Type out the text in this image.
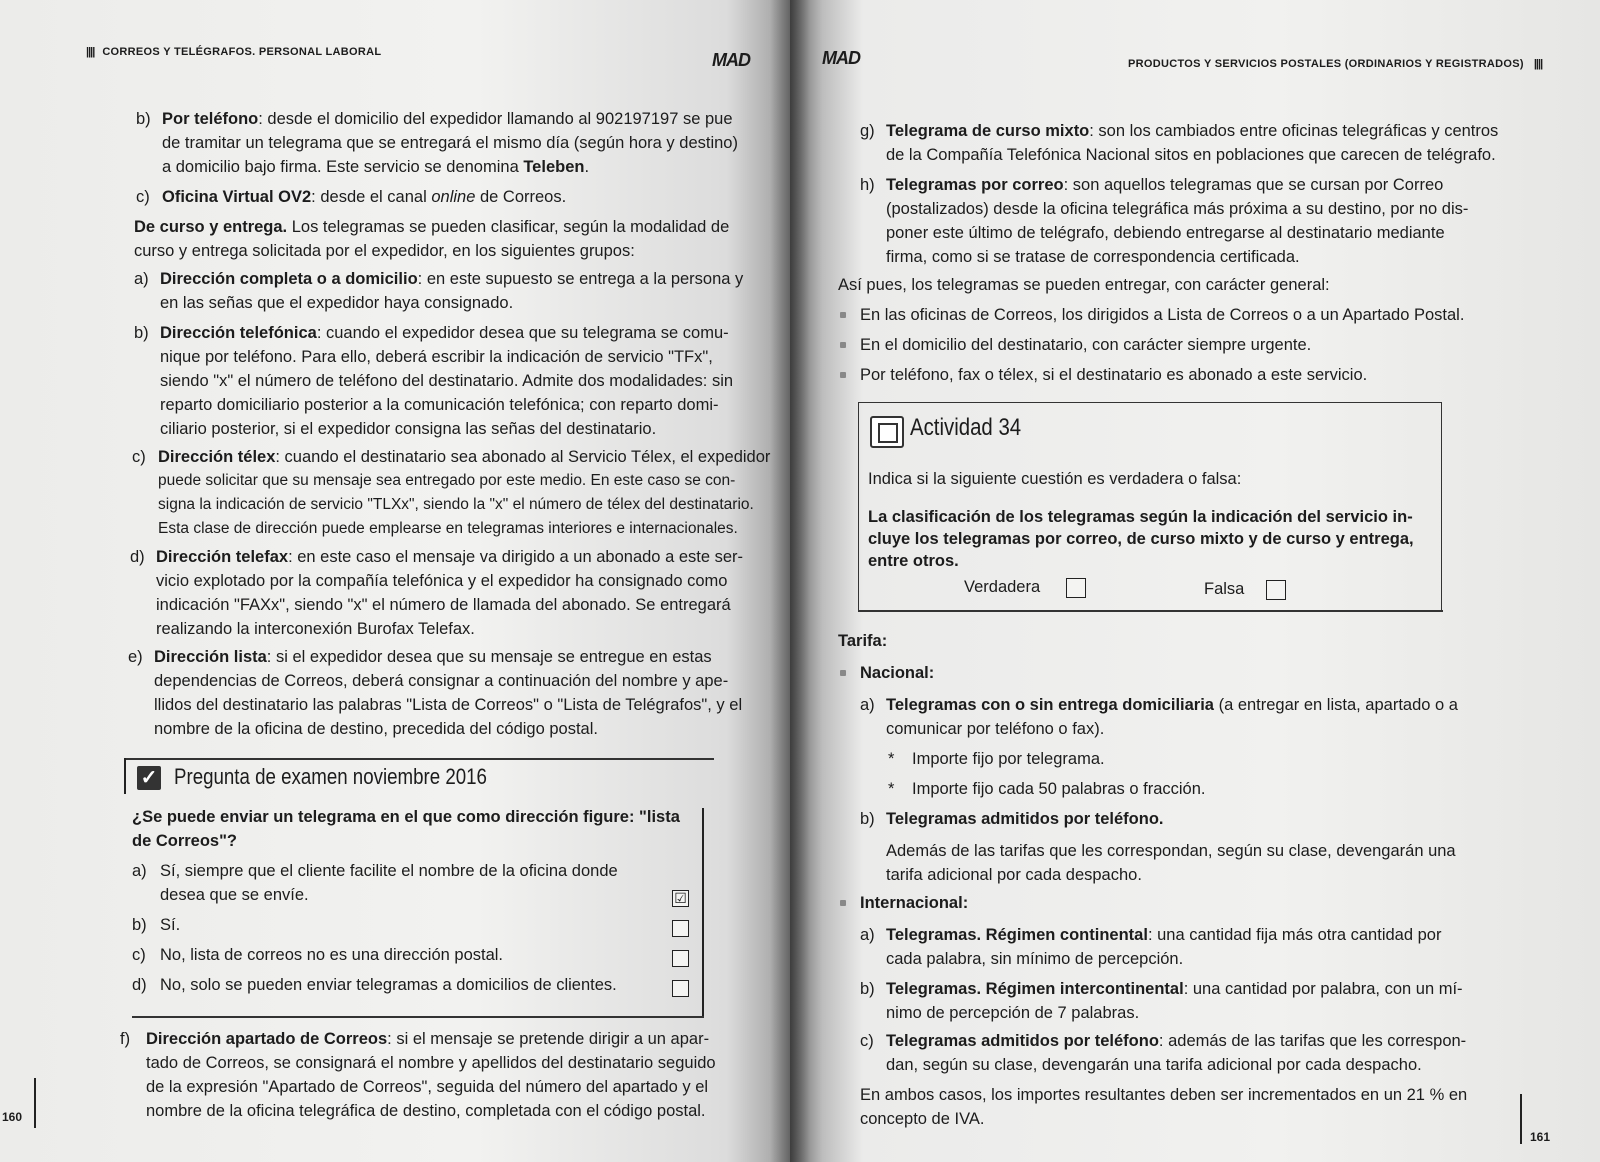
|||| CORREOS Y TELÉGRAFOS. PERSONAL LABORAL	MAD
b) Por teléfono: desde el domicilio del expedidor llamando al 902197197 se pue
de tramitar un telegrama que se entregará el mismo día (según hora y destino)
a domicilio bajo firma. Este servicio se denomina Teleben.
c) Oficina Virtual OV2: desde el canal online de Correos.
De curso y entrega. Los telegramas se pueden clasificar, según la modalidad de
curso y entrega solicitada por el expedidor, en los siguientes grupos:
a) Dirección completa o a domicilio: en este supuesto se entrega a la persona y
en las señas que el expedidor haya consignado.
b) Dirección telefónica: cuando el expedidor desea que su telegrama se comu-
nique por teléfono. Para ello, deberá escribir la indicación de servicio "TFx",
siendo "x" el número de teléfono del destinatario. Admite dos modalidades: sin
reparto domiciliario posterior a la comunicación telefónica; con reparto domi-
ciliario posterior, si el expedidor consigna las señas del destinatario.
c) Dirección télex: cuando el destinatario sea abonado al Servicio Télex, el expedidor
puede solicitar que su mensaje sea entregado por este medio. En este caso se con-
signa la indicación de servicio "TLXx", siendo la "x" el número de télex del destinatario.
Esta clase de dirección puede emplearse en telegramas interiores e internacionales.
d) Dirección telefax: en este caso el mensaje va dirigido a un abonado a este ser-
vicio explotado por la compañía telefónica y el expedidor ha consignado como
indicación "FAXx", siendo "x" el número de llamada del abonado. Se entregará
realizando la interconexión Burofax Telefax.
e) Dirección lista: si el expedidor desea que su mensaje se entregue en estas
dependencias de Correos, deberá consignar a continuación del nombre y ape-
llidos del destinatario las palabras "Lista de Correos" o "Lista de Telégrafos", y el
nombre de la oficina de destino, precedida del código postal.
✓ Pregunta de examen noviembre 2016
¿Se puede enviar un telegrama en el que como dirección figure: "lista
de Correos"?
a) Sí, siempre que el cliente facilite el nombre de la oficina donde
desea que se envíe.	☑
b) Sí.
c) No, lista de correos no es una dirección postal.
d) No, solo se pueden enviar telegramas a domicilios de clientes.
f) Dirección apartado de Correos: si el mensaje se pretende dirigir a un apar-
tado de Correos, se consignará el nombre y apellidos del destinatario seguido
de la expresión "Apartado de Correos", seguida del número del apartado y el
nombre de la oficina telegráfica de destino, completada con el código postal.
160
MAD	PRODUCTOS Y SERVICIOS POSTALES (ORDINARIOS Y REGISTRADOS) ||||
g) Telegrama de curso mixto: son los cambiados entre oficinas telegráficas y centros
de la Compañía Telefónica Nacional sitos en poblaciones que carecen de telégrafo.
h) Telegramas por correo: son aquellos telegramas que se cursan por Correo
(postalizados) desde la oficina telegráfica más próxima a su destino, por no dis-
poner este último de telégrafo, debiendo entregarse al destinatario mediante
firma, como si se tratase de correspondencia certificada.
Así pues, los telegramas se pueden entregar, con carácter general:
En las oficinas de Correos, los dirigidos a Lista de Correos o a un Apartado Postal.
En el domicilio del destinatario, con carácter siempre urgente.
Por teléfono, fax o télex, si el destinatario es abonado a este servicio.
Actividad 34
Indica si la siguiente cuestión es verdadera o falsa:
La clasificación de los telegramas según la indicación del servicio in-
cluye los telegramas por correo, de curso mixto y de curso y entrega,
entre otros.
Verdadera	Falsa
Tarifa:
Nacional:
a) Telegramas con o sin entrega domiciliaria (a entregar en lista, apartado o a
comunicar por teléfono o fax).
* Importe fijo por telegrama.
* Importe fijo cada 50 palabras o fracción.
b) Telegramas admitidos por teléfono.
Además de las tarifas que les correspondan, según su clase, devengarán una
tarifa adicional por cada despacho.
Internacional:
a) Telegramas. Régimen continental: una cantidad fija más otra cantidad por
cada palabra, sin mínimo de percepción.
b) Telegramas. Régimen intercontinental: una cantidad por palabra, con un mí-
nimo de percepción de 7 palabras.
c) Telegramas admitidos por teléfono: además de las tarifas que les correspon-
dan, según su clase, devengarán una tarifa adicional por cada despacho.
En ambos casos, los importes resultantes deben ser incrementados en un 21 % en
concepto de IVA.
161
